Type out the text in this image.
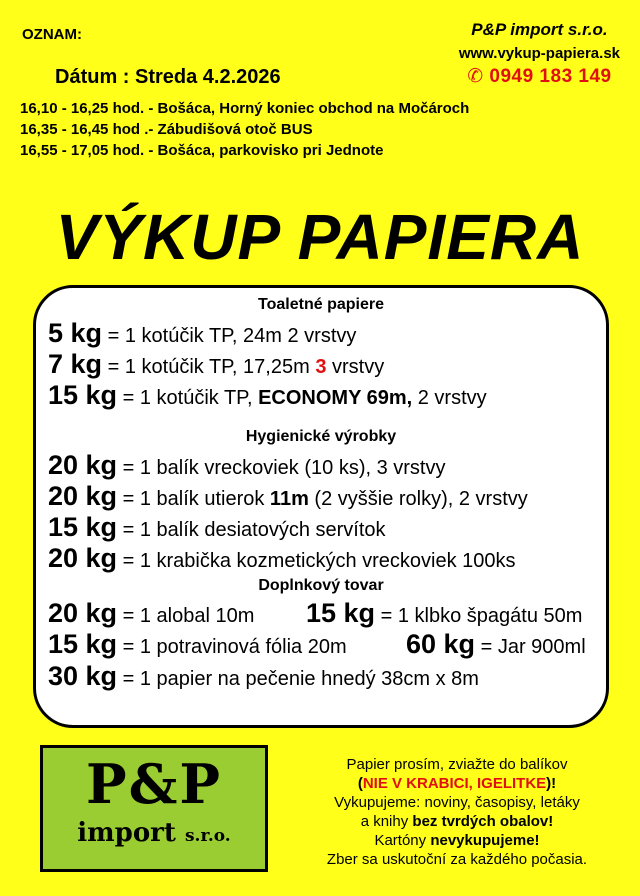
OZNAM:	P&P import s.r.o.
www.vykup-papiera.sk
✆ 0949 183 149
Dátum : Streda 4.2.2026
16,10 - 16,25 hod. - Bošáca, Horný koniec obchod na Močároch
16,35 - 16,45 hod .- Zábudišová otoč BUS
16,55 - 17,05 hod. - Bošáca, parkovisko pri Jednote
VÝKUP PAPIERA
Toaletné papiere
5 kg = 1 kotúčik TP, 24m 2 vrstvy
7 kg = 1 kotúčik TP, 17,25m 3 vrstvy
15 kg = 1 kotúčik TP, ECONOMY 69m, 2 vrstvy
Hygienické výrobky
20 kg = 1 balík vreckoviek (10 ks), 3 vrstvy
20 kg = 1 balík utierok 11m (2 vyššie rolky), 2 vrstvy
15 kg = 1 balík desiatových servítok
20 kg = 1 krabička kozmetických vreckoviek 100ks
Doplnkový tovar
20 kg = 1 alobal 10m 15 kg = 1 klbko špagátu 50m
15 kg = 1 potravinová fólia 20m 60 kg = Jar 900ml
30 kg = 1 papier na pečenie hnedý 38cm x 8m
P&P
import s.r.o.
Papier prosím, zviažte do balíkov
(NIE V KRABICI, IGELITKE)!
Vykupujeme: noviny, časopisy, letáky
a knihy bez tvrdých obalov!
Kartóny nevykupujeme!
Zber sa uskutoční za každého počasia.
